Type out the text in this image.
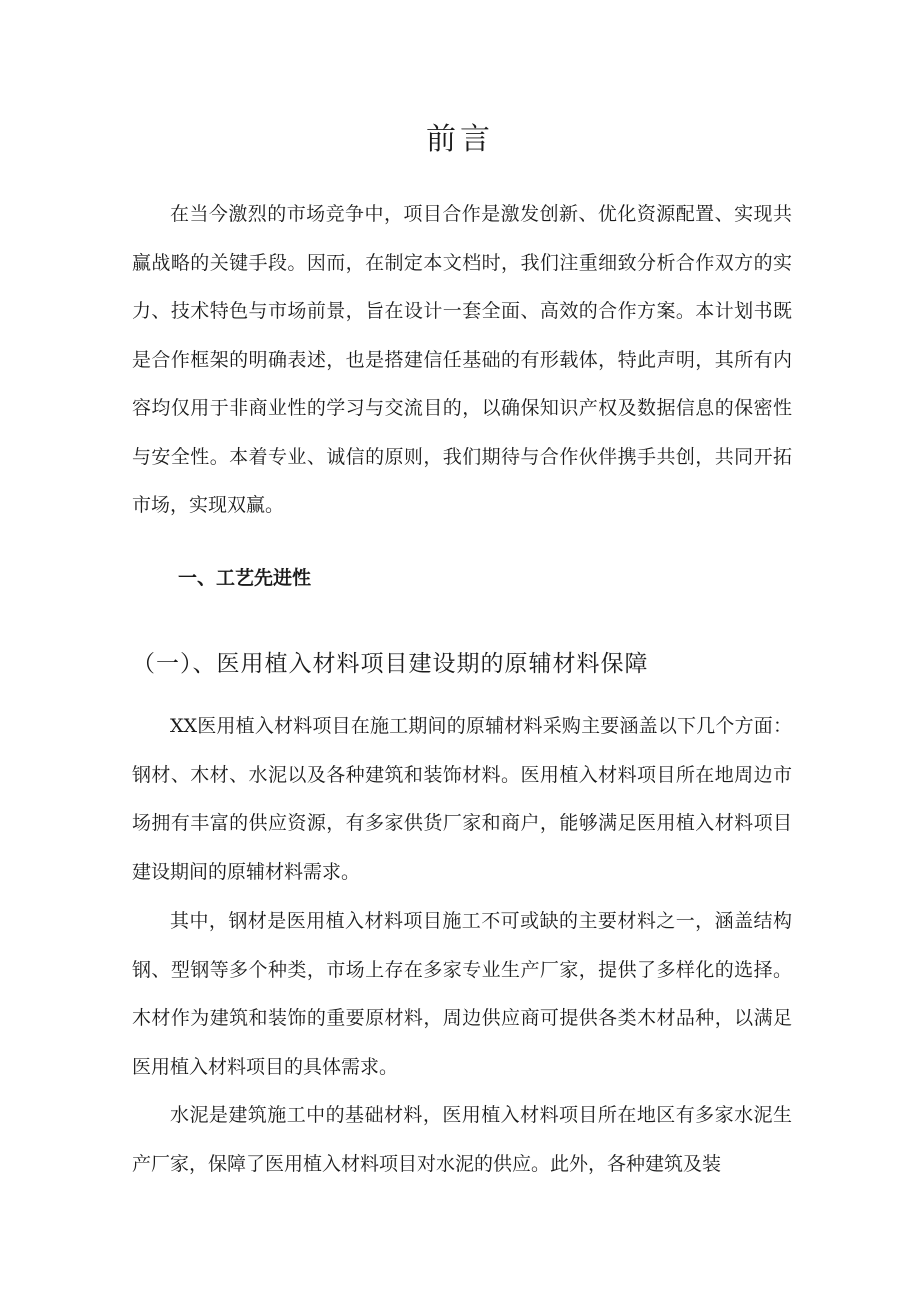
前言

在当今激烈的市场竞争中，项目合作是激发创新、优化资源配置、实现共赢战略的关键手段。因而，在制定本文档时，我们注重细致分析合作双方的实力、技术特色与市场前景，旨在设计一套全面、高效的合作方案。本计划书既是合作框架的明确表述，也是搭建信任基础的有形载体，特此声明，其所有内容均仅用于非商业性的学习与交流目的，以确保知识产权及数据信息的保密性与安全性。本着专业、诚信的原则，我们期待与合作伙伴携手共创，共同开拓市场，实现双赢。

一、工艺先进性
（一）、医用植入材料项目建设期的原辅材料保障

XX医用植入材料项目在施工期间的原辅材料采购主要涵盖以下几个方面：钢材、木材、水泥以及各种建筑和装饰材料。医用植入材料项目所在地周边市场拥有丰富的供应资源，有多家供货厂家和商户，能够满足医用植入材料项目建设期间的原辅材料需求。

其中，钢材是医用植入材料项目施工不可或缺的主要材料之一，涵盖结构钢、型钢等多个种类，市场上存在多家专业生产厂家，提供了多样化的选择。木材作为建筑和装饰的重要原材料，周边供应商可提供各类木材品种，以满足医用植入材料项目的具体需求。

水泥是建筑施工中的基础材料，医用植入材料项目所在地区有多家水泥生产厂家，保障了医用植入材料项目对水泥的供应。此外，各种建筑及装
